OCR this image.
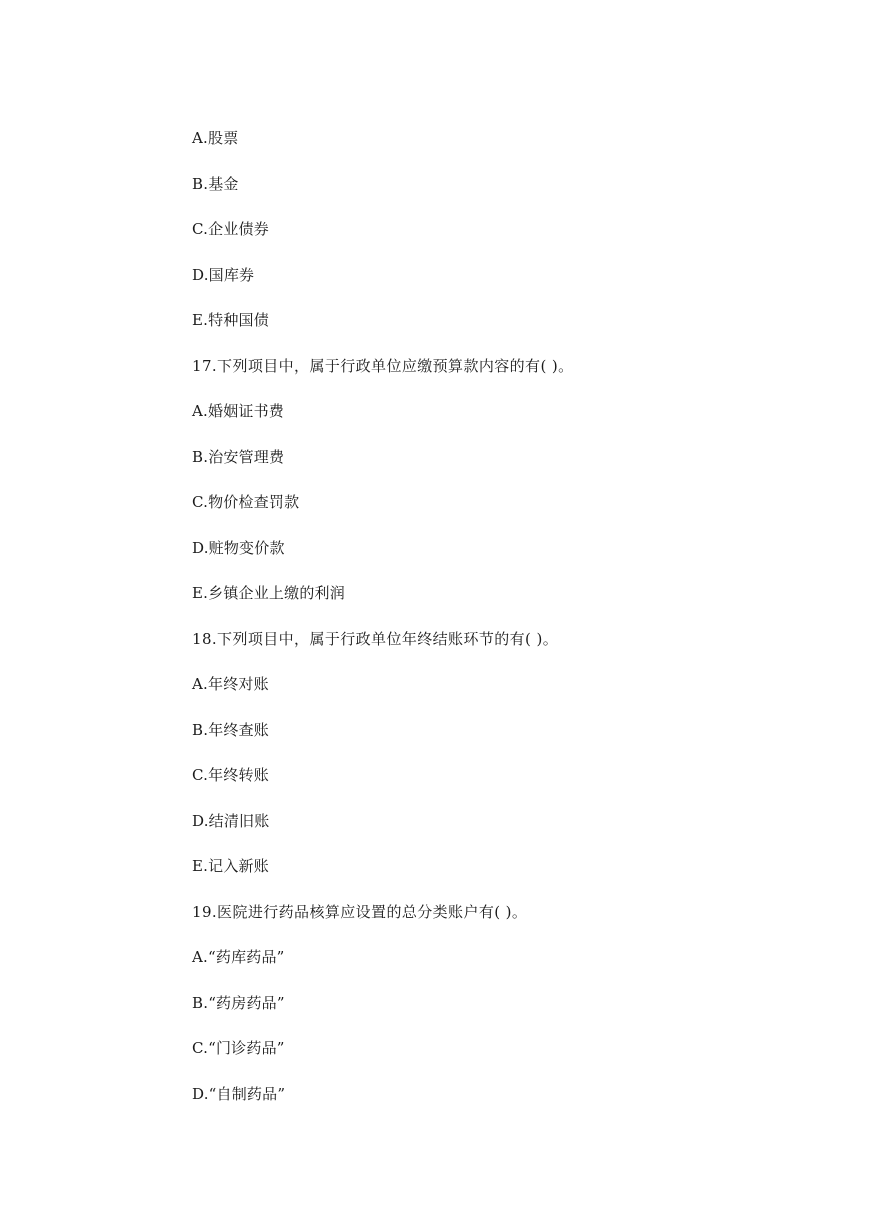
A.股票
B.基金
C.企业债券
D.国库券
E.特种国债
17.下列项目中，属于行政单位应缴预算款内容的有( )。
A.婚姻证书费
B.治安管理费
C.物价检查罚款
D.赃物变价款
E.乡镇企业上缴的利润
18.下列项目中，属于行政单位年终结账环节的有( )。
A.年终对账
B.年终查账
C.年终转账
D.结清旧账
E.记入新账
19.医院进行药品核算应设置的总分类账户有( )。
A.“药库药品”
B.“药房药品”
C.“门诊药品”
D.“自制药品”
